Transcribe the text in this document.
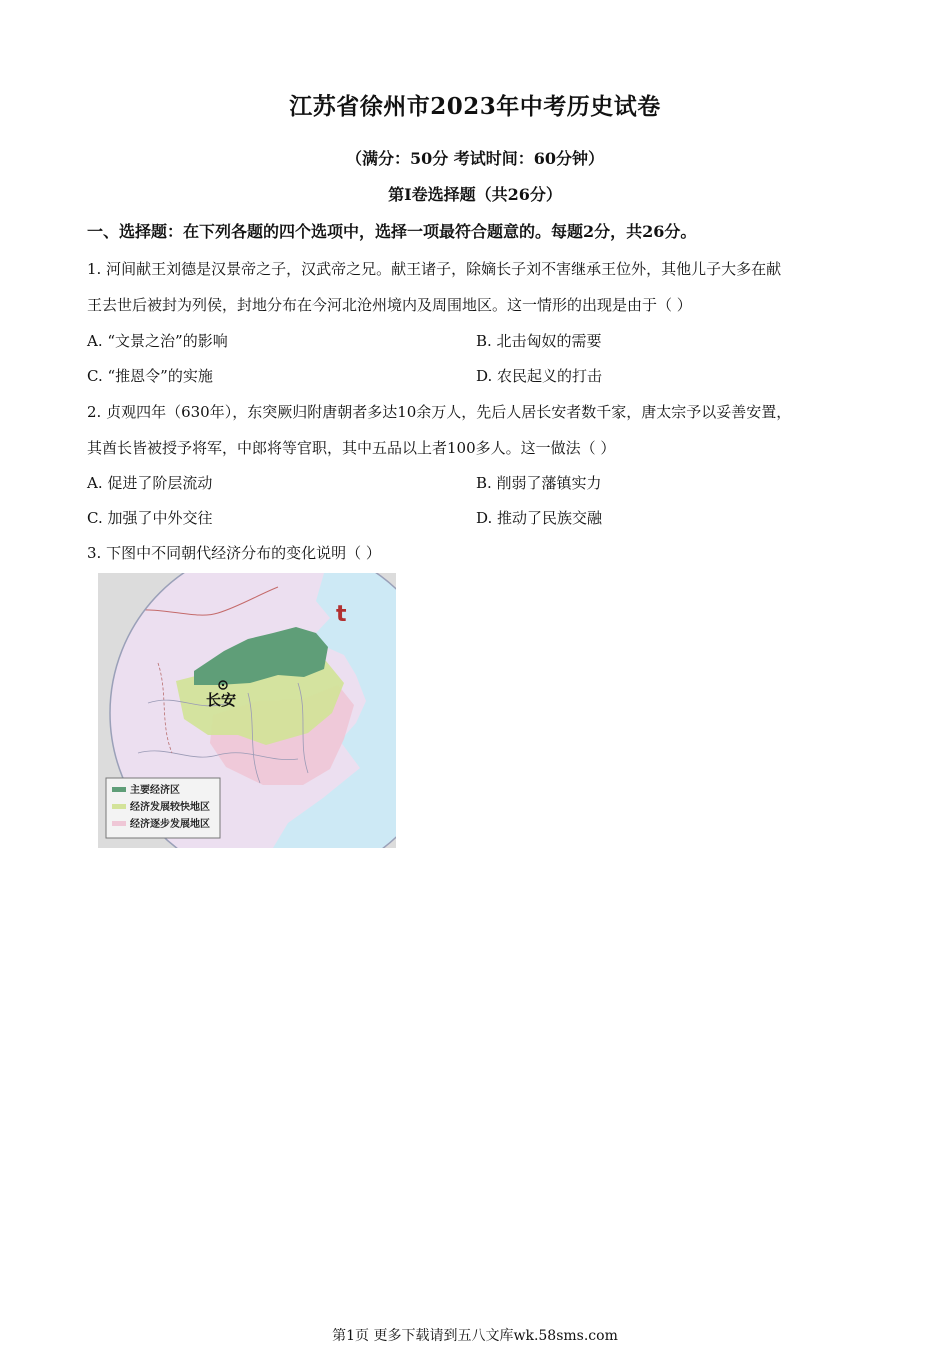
江苏省徐州市2023年中考历史试卷
（满分：50分 考试时间：60分钟）
第Ⅰ卷选择题（共26分）
一、选择题：在下列各题的四个选项中，选择一项最符合题意的。每题2分，共26分。
1. 河间献王刘德是汉景帝之子，汉武帝之兄。献王诸子，除嫡长子刘不害继承王位外，其他儿子大多在献
王去世后被封为列侯，封地分布在今河北沧州境内及周围地区。这一情形的出现是由于（ ）
A. “文景之治”的影响	B. 北击匈奴的需要
C. “推恩令”的实施	D. 农民起义的打击
2. 贞观四年（630年），东突厥归附唐朝者多达10余万人，先后人居长安者数千家，唐太宗予以妥善安置，
其酋长皆被授予将军，中郎将等官职，其中五品以上者100多人。这一做法（ ）
A. 促进了阶层流动	B. 削弱了藩镇实力
C. 加强了中外交往	D. 推动了民族交融
3. 下图中不同朝代经济分布的变化说明（ ）
t
长安
主要经济区
经济发展较快地区
经济逐步发展地区
第1页 更多下载请到五八文库wk.58sms.com
